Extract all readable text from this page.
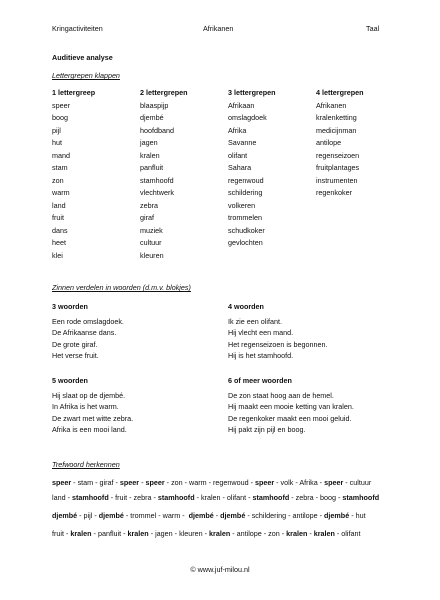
Kringactiviteiten	Afrikanen	Taal
Auditieve analyse
Lettergrepen klappen
1 lettergreep
speer
boog
pijl
hut
mand
stam
zon
warm
land
fruit
dans
heet
klei
2 lettergrepen
blaaspijp
djembé
hoofdband
jagen
kralen
panfluit
stamhoofd
vlechtwerk
zebra
giraf
muziek
cultuur
kleuren
3 lettergrepen
Afrikaan
omslagdoek
Afrika
Savanne
olifant
Sahara
regenwoud
schildering
volkeren
trommelen
schudkoker
gevlochten
4 lettergrepen
Afrikanen
kralenketting
medicijnman
antilope
regenseizoen
fruitplantages
instrumenten
regenkoker
Zinnen verdelen in woorden (d.m.v. blokjes)
3 woorden
Een rode omslagdoek.
De Afrikaanse dans.
De grote giraf.
Het verse fruit.
4 woorden
Ik zie een olifant.
Hij vlecht een mand.
Het regenseizoen is begonnen.
Hij is het stamhoofd.
5 woorden
Hij slaat op de djembé.
In Afrika is het warm.
De zwart met witte zebra.
Afrika is een mooi land.
6 of meer woorden
De zon staat hoog aan de hemel.
Hij maakt een mooie ketting van kralen.
De regenkoker maakt een mooi geluid.
Hij pakt zijn pijl en boog.
Trefwoord herkennen
speer - stam - giraf - speer - speer - zon - warm - regenwoud - speer - volk - Afrika - speer - cultuur
land - stamhoofd - fruit - zebra - stamhoofd - kralen - olifant - stamhoofd - zebra - boog - stamhoofd
djembé - pijl - djembé - trommel - warm -  djembé - djembé - schildering - antilope - djembé - hut
fruit - kralen - panfluit - kralen - jagen - kleuren - kralen - antilope - zon - kralen - kralen - olifant
© www.juf-milou.nl
